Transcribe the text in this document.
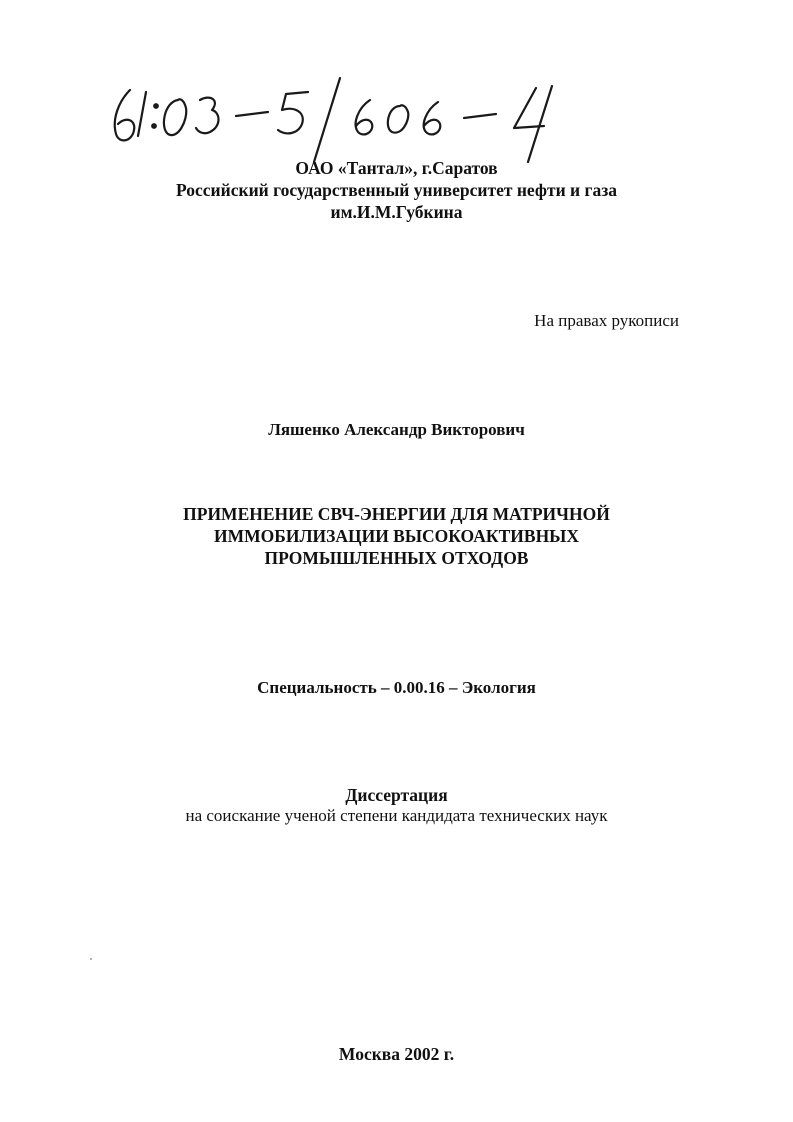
ОАО «Тантал», г.Саратов
Российский государственный университет нефти и газа
им.И.М.Губкина
На правах рукописи
Ляшенко Александр Викторович
ПРИМЕНЕНИЕ СВЧ-ЭНЕРГИИ ДЛЯ МАТРИЧНОЙ
ИММОБИЛИЗАЦИИ ВЫСОКОАКТИВНЫХ
ПРОМЫШЛЕННЫХ ОТХОДОВ
Специальность – 0.00.16 – Экология
Диссертация
на соискание ученой степени кандидата технических наук
Москва 2002 г.
